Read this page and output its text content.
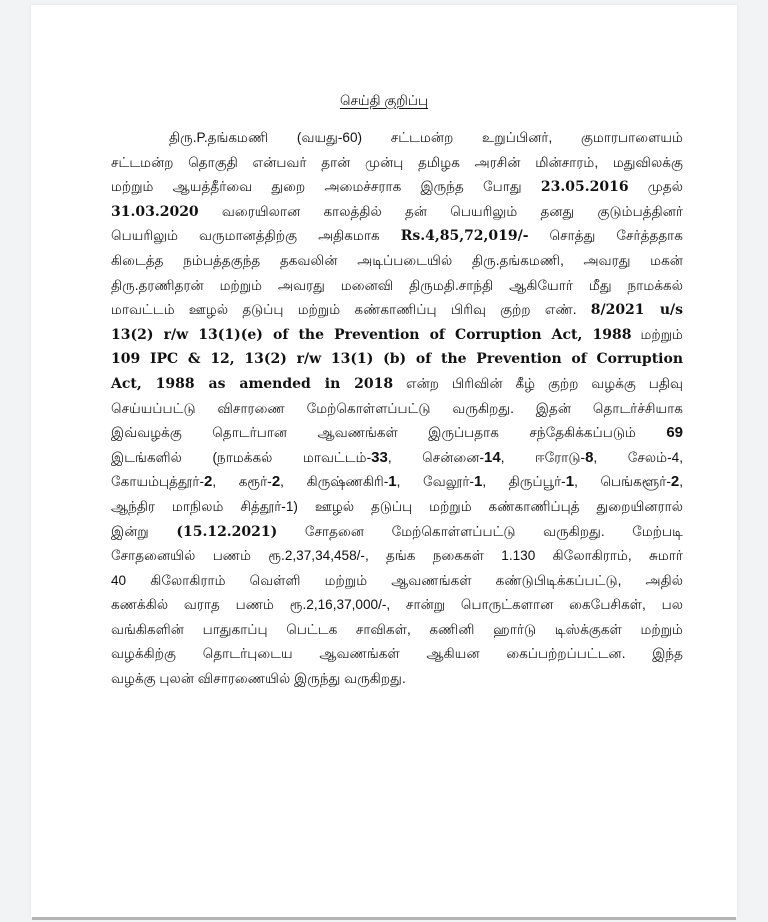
செய்தி குறிப்பு
திரு.P.தங்கமணி (வயது-60) சட்டமன்ற உறுப்பினர், குமாரபாளையம்
சட்டமன்ற தொகுதி என்பவர் தான் முன்பு தமிழக அரசின் மின்சாரம், மதுவிலக்கு
மற்றும் ஆயத்தீர்வை துறை அமைச்சராக இருந்த போது 23.05.2016 முதல்
31.03.2020 வரையிலான காலத்தில் தன் பெயரிலும் தனது குடும்பத்தினர்
பெயரிலும் வருமானத்திற்கு அதிகமாக Rs.4,85,72,019/- சொத்து சேர்த்ததாக
கிடைத்த நம்பத்தகுந்த தகவலின் அடிப்படையில் திரு.தங்கமணி, அவரது மகன்
திரு.தரணிதரன் மற்றும் அவரது மனைவி திருமதி.சாந்தி ஆகியோர் மீது நாமக்கல்
மாவட்டம் ஊழல் தடுப்பு மற்றும் கண்காணிப்பு பிரிவு குற்ற எண். 8/2021 u/s
13(2) r/w 13(1)(e) of the Prevention of Corruption Act, 1988 மற்றும்
109 IPC & 12, 13(2) r/w 13(1) (b) of the Prevention of Corruption
Act, 1988 as amended in 2018 என்ற பிரிவின் கீழ் குற்ற வழக்கு பதிவு
செய்யப்பட்டு விசாரணை மேற்கொள்ளப்பட்டு வருகிறது. இதன் தொடர்ச்சியாக
இவ்வழக்கு தொடர்பான ஆவணங்கள் இருப்பதாக சந்தேகிக்கப்படும் 69
இடங்களில் (நாமக்கல் மாவட்டம்-33, சென்னை-14, ஈரோடு-8, சேலம்-4,
கோயம்புத்தூர்-2, கரூர்-2, கிருஷ்ணகிரி-1, வேலூர்-1, திருப்பூர்-1, பெங்களூர்-2,
ஆந்திர மாநிலம் சித்தூர்-1) ஊழல் தடுப்பு மற்றும் கண்காணிப்புத் துறையினரால்
இன்று (15.12.2021) சோதனை மேற்கொள்ளப்பட்டு வருகிறது. மேற்படி
சோதனையில் பணம் ரூ.2,37,34,458/-, தங்க நகைகள் 1.130 கிலோகிராம், சுமார்
40 கிலோகிராம் வெள்ளி மற்றும் ஆவணங்கள் கண்டுபிடிக்கப்பட்டு, அதில்
கணக்கில் வராத பணம் ரூ.2,16,37,000/-, சான்று பொருட்களான கைபேசிகள், பல
வங்கிகளின் பாதுகாப்பு பெட்டக சாவிகள், கணினி ஹார்டு டிஸ்க்குகள் மற்றும்
வழக்கிற்கு தொடர்புடைய ஆவணங்கள் ஆகியன கைப்பற்றப்பட்டன. இந்த
வழக்கு புலன் விசாரணையில் இருந்து வருகிறது.
